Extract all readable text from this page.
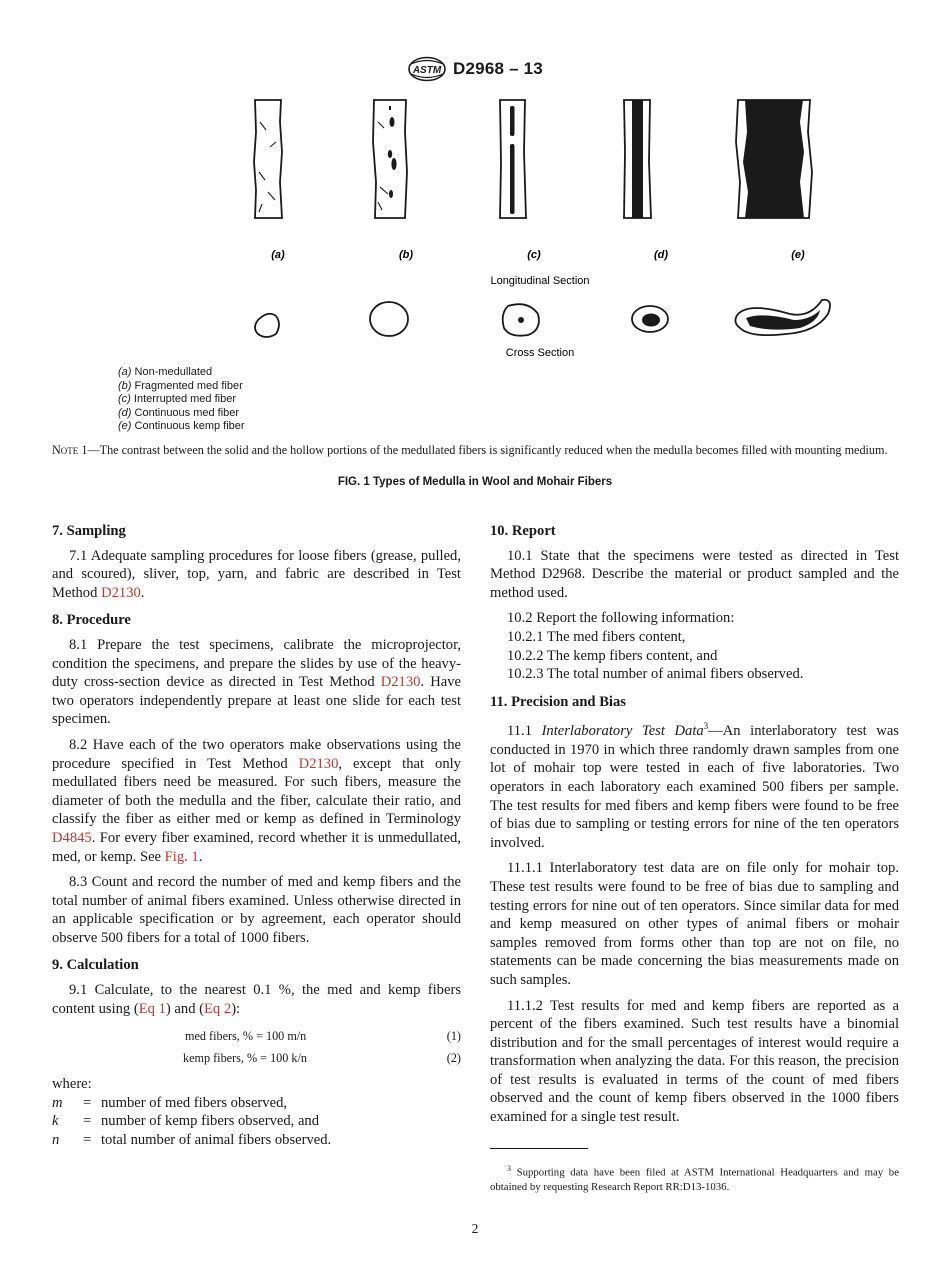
ASTM D2968 – 13
(a)	(b)	(c)	(d)	(e)
Longitudinal Section
Cross Section
(a) Non-medullated
(b) Fragmented med fiber
(c) Interrupted med fiber
(d) Continuous med fiber
(e) Continuous kemp fiber
Note 1—The contrast between the solid and the hollow portions of the medullated fibers is significantly reduced when the medulla becomes filled with mounting medium.
FIG. 1 Types of Medulla in Wool and Mohair Fibers
7. Sampling

7.1 Adequate sampling procedures for loose fibers (grease, pulled, and scoured), sliver, top, yarn, and fabric are described in Test Method D2130.

8. Procedure

8.1 Prepare the test specimens, calibrate the microprojector, condition the specimens, and prepare the slides by use of the heavy-duty cross-section device as directed in Test Method D2130. Have two operators independently prepare at least one slide for each test specimen.

8.2 Have each of the two operators make observations using the procedure specified in Test Method D2130, except that only medullated fibers need be measured. For such fibers, measure the diameter of both the medulla and the fiber, calculate their ratio, and classify the fiber as either med or kemp as defined in Terminology D4845. For every fiber examined, record whether it is unmedullated, med, or kemp. See Fig. 1.

8.3 Count and record the number of med and kemp fibers and the total number of animal fibers examined. Unless otherwise directed in an applicable specification or by agreement, each operator should observe 500 fibers for a total of 1000 fibers.

9. Calculation

9.1 Calculate, to the nearest 0.1 %, the med and kemp fibers content using (Eq 1) and (Eq 2):

med fibers, % = 100 m/n	(1)
kemp fibers, % = 100 k/n	(2)
where:
m	= number of med fibers observed,
k	= number of kemp fibers observed, and
n	= total number of animal fibers observed.
10. Report

10.1 State that the specimens were tested as directed in Test Method D2968. Describe the material or product sampled and the method used.

10.2 Report the following information:

10.2.1 The med fibers content,

10.2.2 The kemp fibers content, and

10.2.3 The total number of animal fibers observed.

11. Precision and Bias

11.1 Interlaboratory Test Data$^3$—An interlaboratory test was conducted in 1970 in which three randomly drawn samples from one lot of mohair top were tested in each of five laboratories. Two operators in each laboratory each examined 500 fibers per sample. The test results for med fibers and kemp fibers were found to be free of bias due to sampling or testing errors for nine of the ten operators involved.

11.1.1 Interlaboratory test data are on file only for mohair top. These test results were found to be free of bias due to sampling and testing errors for nine out of ten operators. Since similar data for med and kemp measured on other types of animal fibers or mohair samples removed from forms other than top are not on file, no statements can be made concerning the bias measurements made on such samples.

11.1.2 Test results for med and kemp fibers are reported as a percent of the fibers examined. Such test results have a binomial distribution and for the small percentages of interest would require a transformation when analyzing the data. For this reason, the precision of test results is evaluated in terms of the count of med fibers observed and the count of kemp fibers observed in the 1000 fibers examined for a single test result.

$^3$ Supporting data have been filed at ASTM International Headquarters and may be obtained by requesting Research Report RR:D13-1036.
2
